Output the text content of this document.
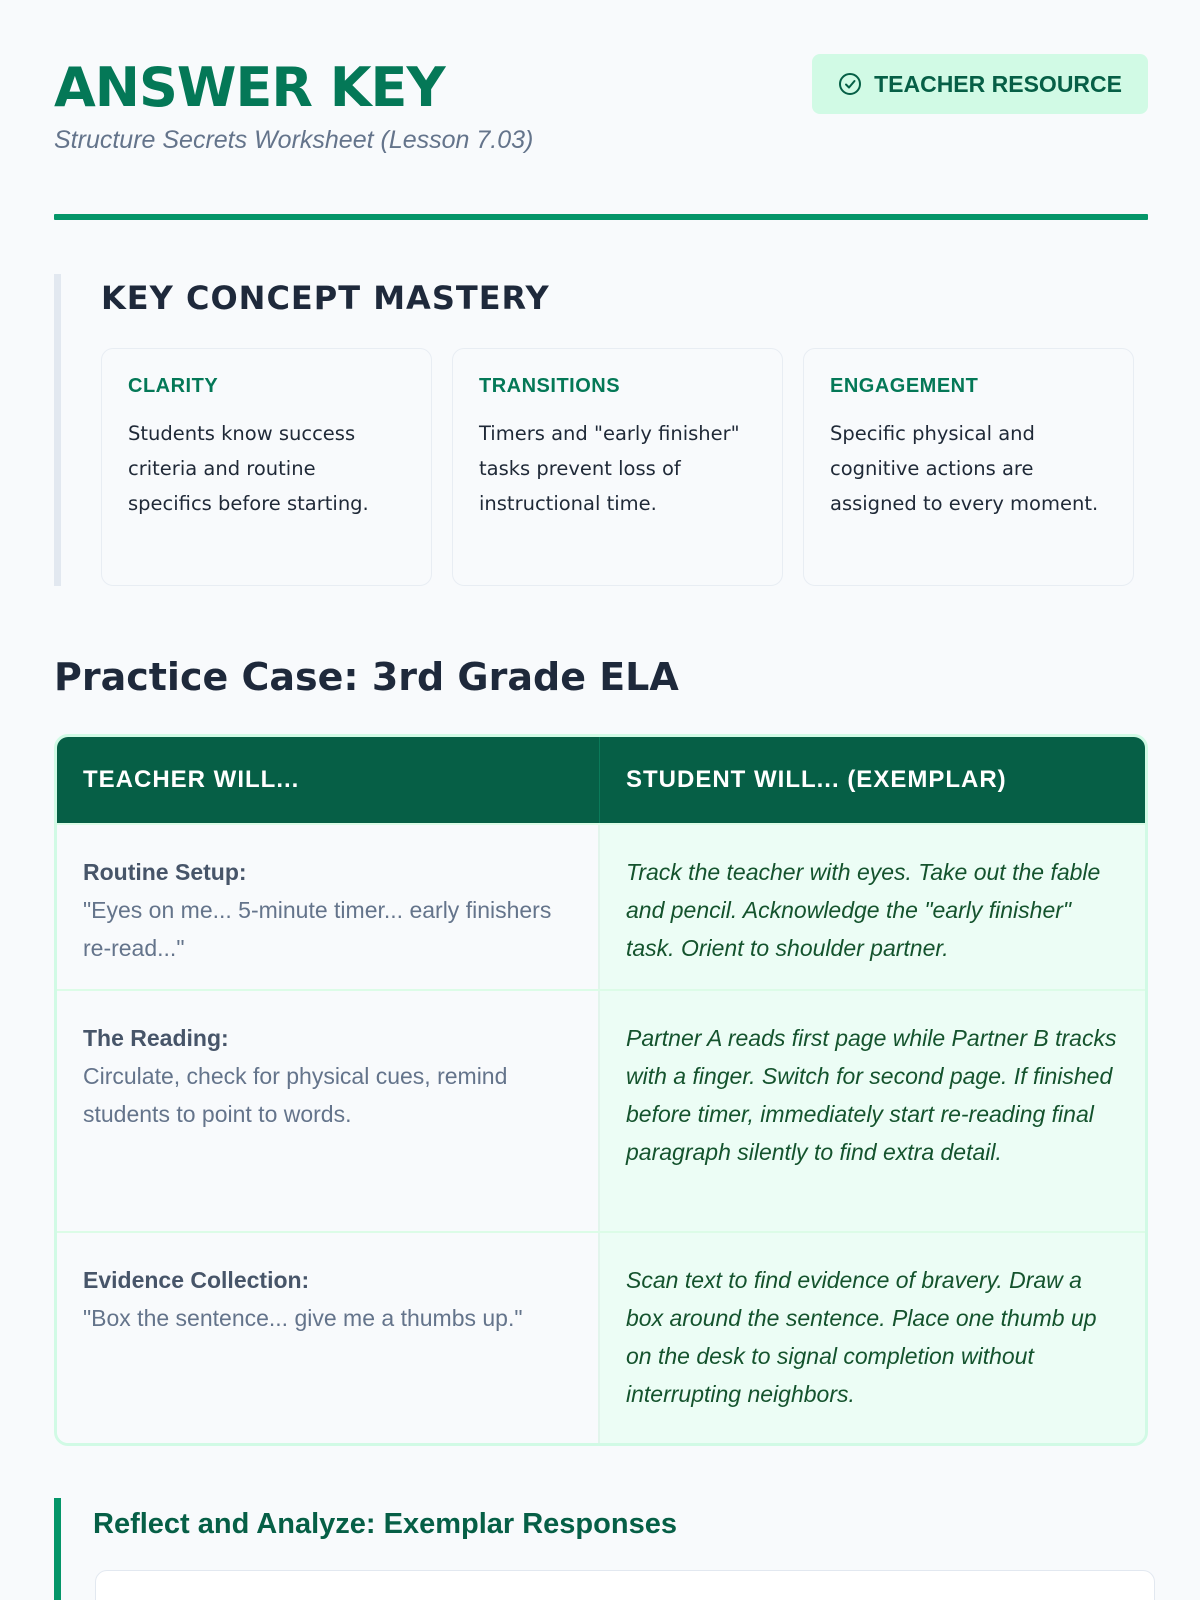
ANSWER KEY
Structure Secrets Worksheet (Lesson 7.03)
TEACHER RESOURCE
KEY CONCEPT MASTERY
CLARITY

Students know success criteria and routine specifics before starting.

TRANSITIONS

Timers and "early finisher" tasks prevent loss of instructional time.

ENGAGEMENT

Specific physical and cognitive actions are assigned to every moment.

Practice Case: 3rd Grade ELA
TEACHER WILL...	STUDENT WILL... (EXEMPLAR)
Routine Setup:
"Eyes on me... 5-minute timer... early finishers re-read..."
Track the teacher with eyes. Take out the fable and pencil. Acknowledge the "early finisher" task. Orient to shoulder partner.
The Reading:
Circulate, check for physical cues, remind students to point to words.
Partner A reads first page while Partner B tracks with a finger. Switch for second page. If finished before timer, immediately start re-reading final paragraph silently to find extra detail.
Evidence Collection:
"Box the sentence... give me a thumbs up."
Scan text to find evidence of bravery. Draw a box around the sentence. Place one thumb up on the desk to signal completion without interrupting neighbors.
Reflect and Analyze: Exemplar Responses
